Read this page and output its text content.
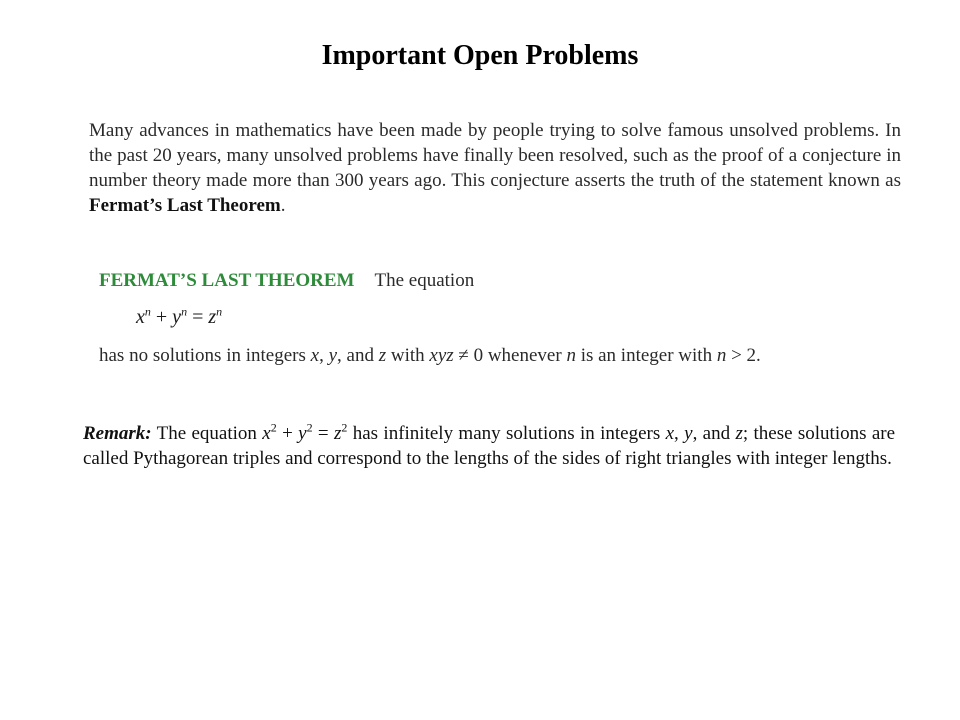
Important Open Problems

Many advances in mathematics have been made by people trying to solve famous unsolved problems. In the past 20 years, many unsolved problems have finally been resolved, such as the proof of a conjecture in number theory made more than 300 years ago. This conjecture asserts the truth of the statement known as Fermat’s Last Theorem.

FERMAT’S LAST THEOREM The equation
$x^n + y^n = z^n$
has no solutions in integers x, y, and z with xyz ≠ 0 whenever n is an integer with n > 2.

Remark: The equation $x^2 + y^2 = z^2$ has infinitely many solutions in integers x, y, and z; these solutions are called Pythagorean triples and correspond to the lengths of the sides of right triangles with integer lengths.
